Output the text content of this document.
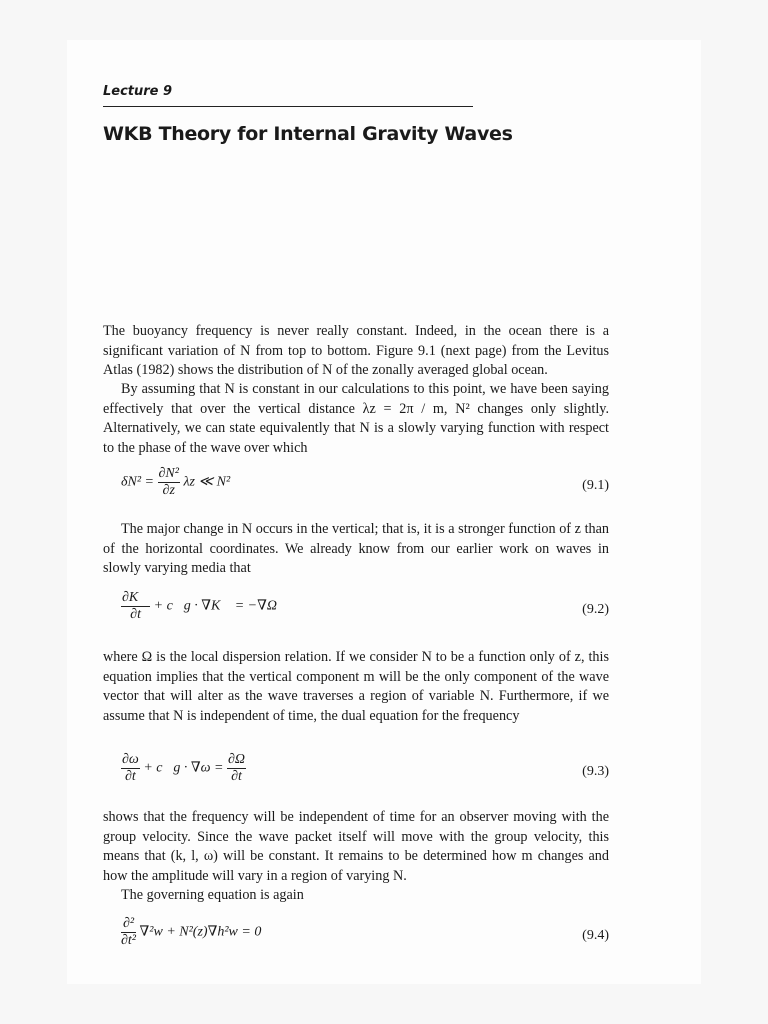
Lecture 9
WKB Theory for Internal Gravity Waves

The buoyancy frequency is never really constant. Indeed, in the ocean there is a significant variation of N from top to bottom. Figure 9.1 (next page) from the Levitus Atlas (1982) shows the distribution of N of the zonally averaged global ocean.

By assuming that N is constant in our calculations to this point, we have been saying effectively that over the vertical distance λz = 2π / m, N² changes only slightly. Alternatively, we can state equivalently that N is a slowly varying function with respect to the phase of the wave over which

$\delta N^2 = \frac{\text{∂N²}}{\partial z}$ λz ≪ N²	(9.1)

The major change in N occurs in the vertical; that is, it is a stronger function of z than of the horizontal coordinates. We already know from our earlier work on waves in slowly varying media that

$\frac{\partial K⃗}{\partial t}$ + c⃗g · ∇K⃗ = −∇Ω	(9.2)

where Ω is the local dispersion relation. If we consider N to be a function only of z, this equation implies that the vertical component m will be the only component of the wave vector that will alter as the wave traverses a region of variable N. Furthermore, if we assume that N is independent of time, the dual equation for the frequency

$\frac{\partial\omega}{\partial t}$ + c⃗g · $\nabla\omega = \frac{\partial\Omega}{\partial t}$	(9.3)

shows that the frequency will be independent of time for an observer moving with the group velocity. Since the wave packet itself will move with the group velocity, this means that (k, l, ω) will be constant. It remains to be determined how m changes and how the amplitude will vary in a region of varying N.

The governing equation is again

$\frac{\text{∂²}}{\text{∂t²}} \nabla^2w + N^2(z)\nabla h^2w = 0$	(9.4)
